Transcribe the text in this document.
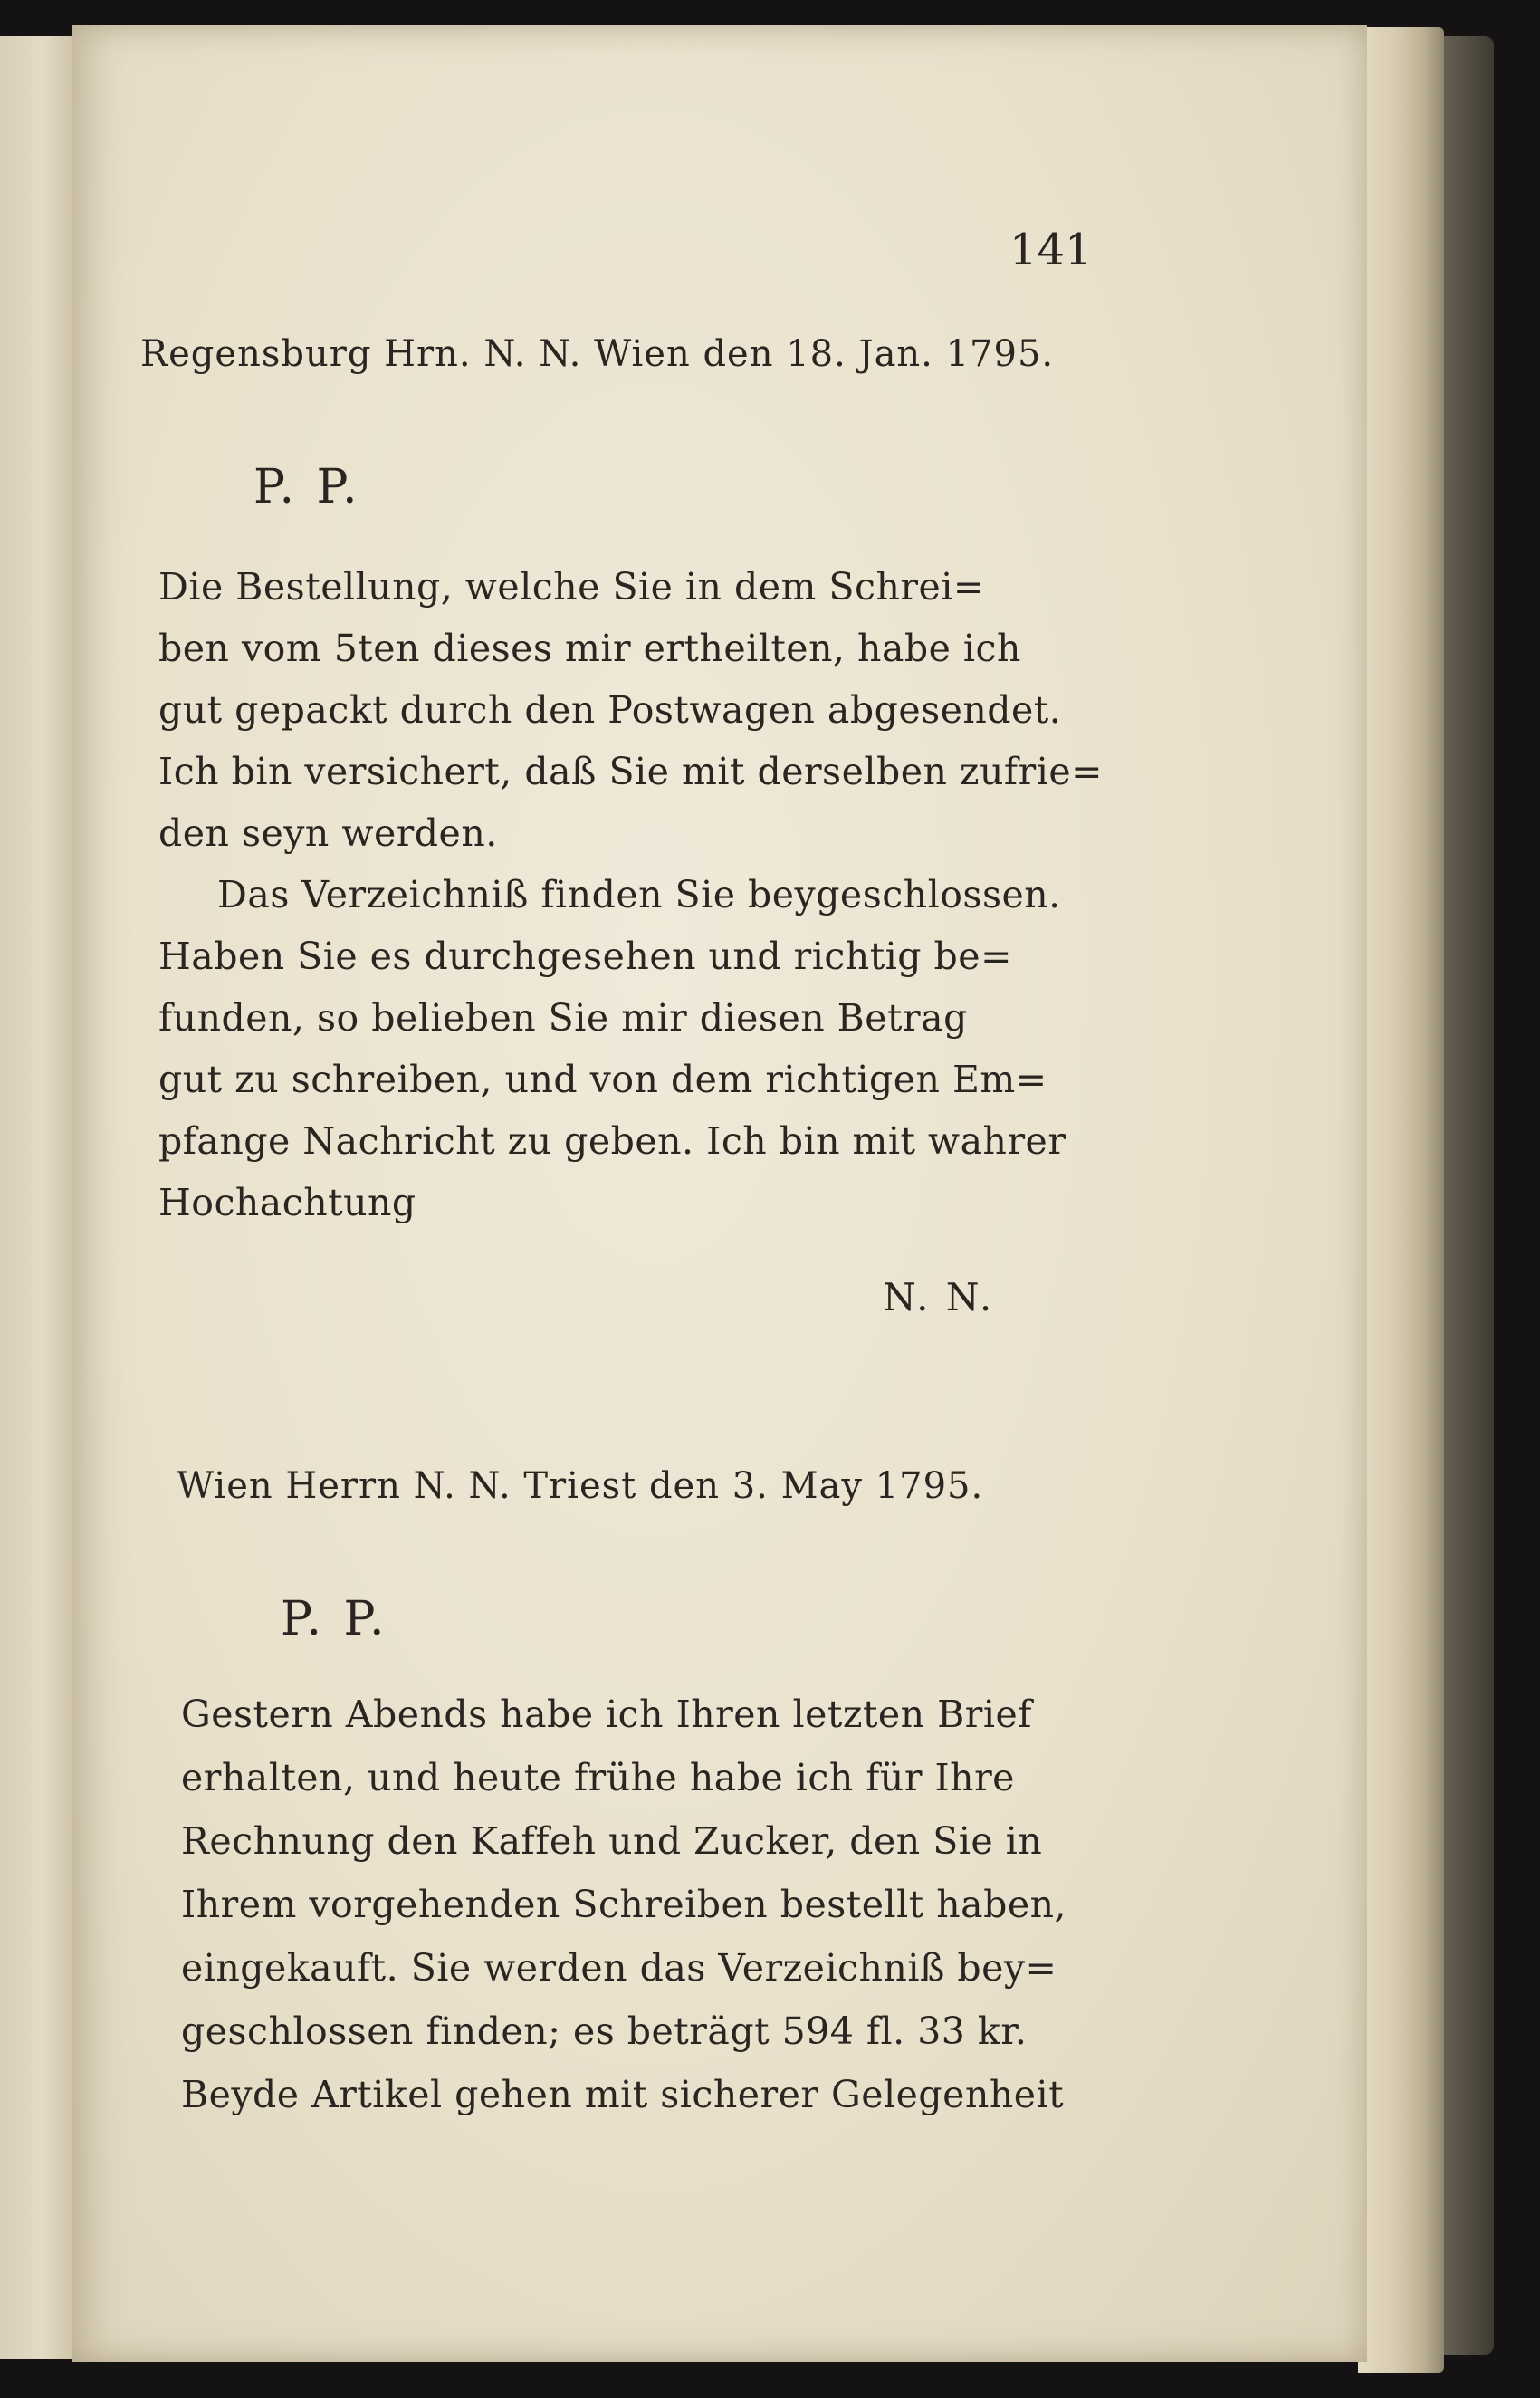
141
Regensburg Hrn. N. N. Wien den 18. Jan. 1795.
P. P.
Die Bestellung, welche Sie in dem Schrei=
ben vom 5ten dieses mir ertheilten, habe ich
gut gepackt durch den Postwagen abgesendet.
Ich bin versichert, daß Sie mit derselben zufrie=
den seyn werden.
Das Verzeichniß finden Sie beygeschlossen.
Haben Sie es durchgesehen und richtig be=
funden, so belieben Sie mir diesen Betrag
gut zu schreiben, und von dem richtigen Em=
pfange Nachricht zu geben. Ich bin mit wahrer
Hochachtung
N. N.
Wien Herrn N. N. Triest den 3. May 1795.
P. P.
Gestern Abends habe ich Ihren letzten Brief
erhalten, und heute frühe habe ich für Ihre
Rechnung den Kaffeh und Zucker, den Sie in
Ihrem vorgehenden Schreiben bestellt haben,
eingekauft. Sie werden das Verzeichniß bey=
geschlossen finden; es beträgt 594 fl. 33 kr.
Beyde Artikel gehen mit sicherer Gelegenheit
